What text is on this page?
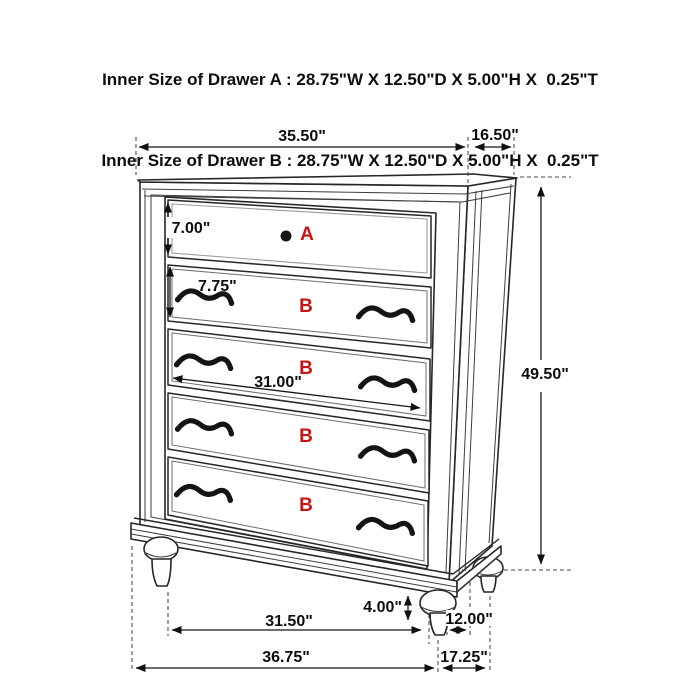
Inner Size of Drawer A : 28.75"W X 12.50"D X 5.00"H X  0.25"T

Inner Size of Drawer B : 28.75"W X 12.50"D X 5.00"H X  0.25"T

A
B
B
B
B
35.50"	16.50"
49.50"
7.00"
7.75"
31.00"
4.00"
31.50"	12.00"
36.75"	17.25"
